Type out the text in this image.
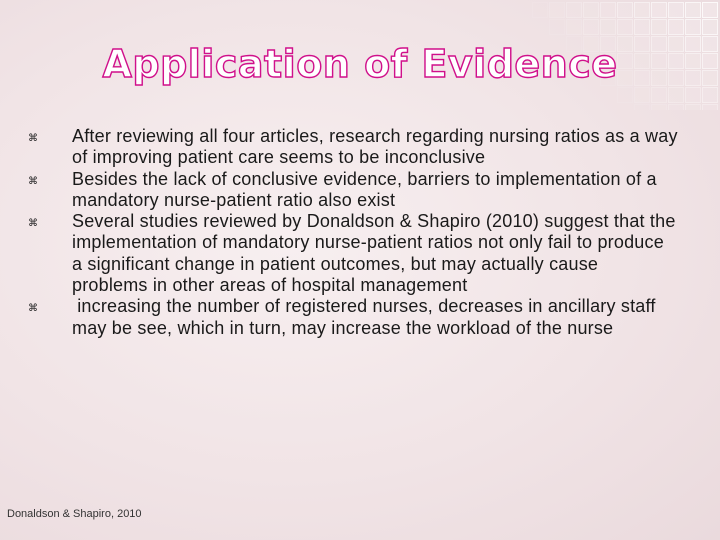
Application of Evidence
⌘ After reviewing all four articles, research regarding nursing ratios as a way of improving patient care seems to be inconclusive
⌘ Besides the lack of conclusive evidence, barriers to implementation of a mandatory nurse-patient ratio also exist
⌘ Several studies reviewed by Donaldson & Shapiro (2010) suggest that the implementation of mandatory nurse-patient ratios not only fail to produce a significant change in patient outcomes, but may actually cause problems in other areas of hospital management
⌘ increasing the number of registered nurses, decreases in ancillary staff may be see, which in turn, may increase the workload of the nurse
Donaldson & Shapiro, 2010
